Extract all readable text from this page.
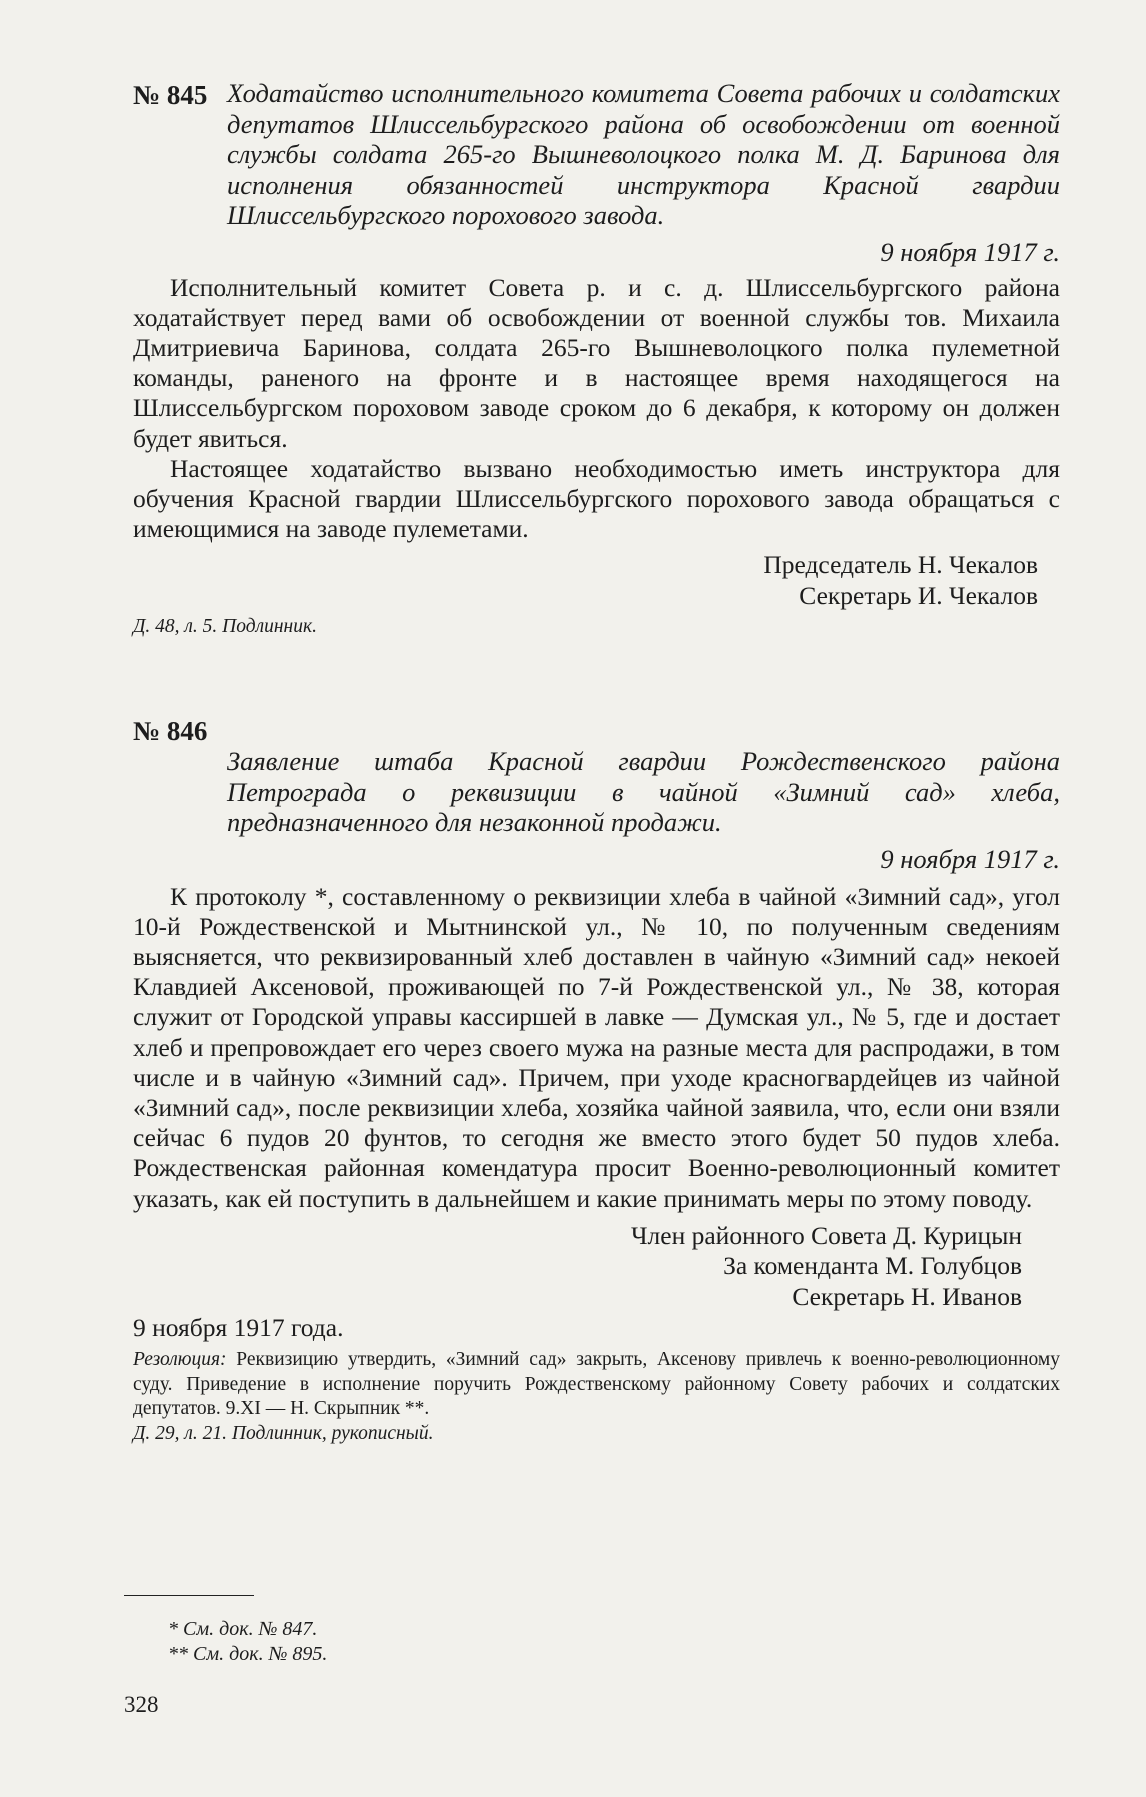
№ 845 Ходатайство исполнительного комитета Совета рабочих и солдатских депутатов Шлиссельбургского района об освобождении от военной службы солдата 265-го Вышневолоцкого полка М. Д. Баринова для исполнения обязанностей инструктора Красной гвардии Шлиссельбургского порохового завода.
9 ноября 1917 г.

Исполнительный комитет Совета р. и с. д. Шлиссельбургского района ходатайствует перед вами об освобождении от военной службы тов. Михаила Дмитриевича Баринова, солдата 265-го Вышневолоцкого полка пулеметной команды, раненого на фронте и в настоящее время находящегося на Шлиссельбургском пороховом заводе сроком до 6 декабря, к которому он должен будет явиться.

Настоящее ходатайство вызвано необходимостью иметь инструктора для обучения Красной гвардии Шлиссельбургского порохового завода обращаться с имеющимися на заводе пулеметами.

Председатель Н. Чекалов
Секретарь И. Чекалов
Д. 48, л. 5. Подлинник.
№ 846
Заявление штаба Красной гвардии Рождественского района Петрограда о реквизиции в чайной «Зимний сад» хлеба, предназначенного для незаконной продажи.
9 ноября 1917 г.

К протоколу *, составленному о реквизиции хлеба в чайной «Зимний сад», угол 10-й Рождественской и Мытнинской ул., № 10, по полученным сведениям выясняется, что реквизированный хлеб доставлен в чайную «Зимний сад» некоей Клавдией Аксеновой, проживающей по 7-й Рождественской ул., № 38, которая служит от Городской управы кассиршей в лавке — Думская ул., № 5, где и достает хлеб и препровождает его через своего мужа на разные места для распродажи, в том числе и в чайную «Зимний сад». Причем, при уходе красногвардейцев из чайной «Зимний сад», после реквизиции хлеба, хозяйка чайной заявила, что, если они взяли сейчас 6 пудов 20 фунтов, то сегодня же вместо этого будет 50 пудов хлеба. Рождественская районная комендатура просит Военно-революционный комитет указать, как ей поступить в дальнейшем и какие принимать меры по этому поводу.

Член районного Совета Д. Курицын
За коменданта М. Голубцов
Секретарь Н. Иванов
9 ноября 1917 года.
Резолюция: Реквизицию утвердить, «Зимний сад» закрыть, Аксенову привлечь к военно-революционному суду. Приведение в исполнение поручить Рождественскому районному Совету рабочих и солдатских депутатов. 9.XI — Н. Скрыпник **.
Д. 29, л. 21. Подлинник, рукописный.
* См. док. № 847.
** См. док. № 895.
328
